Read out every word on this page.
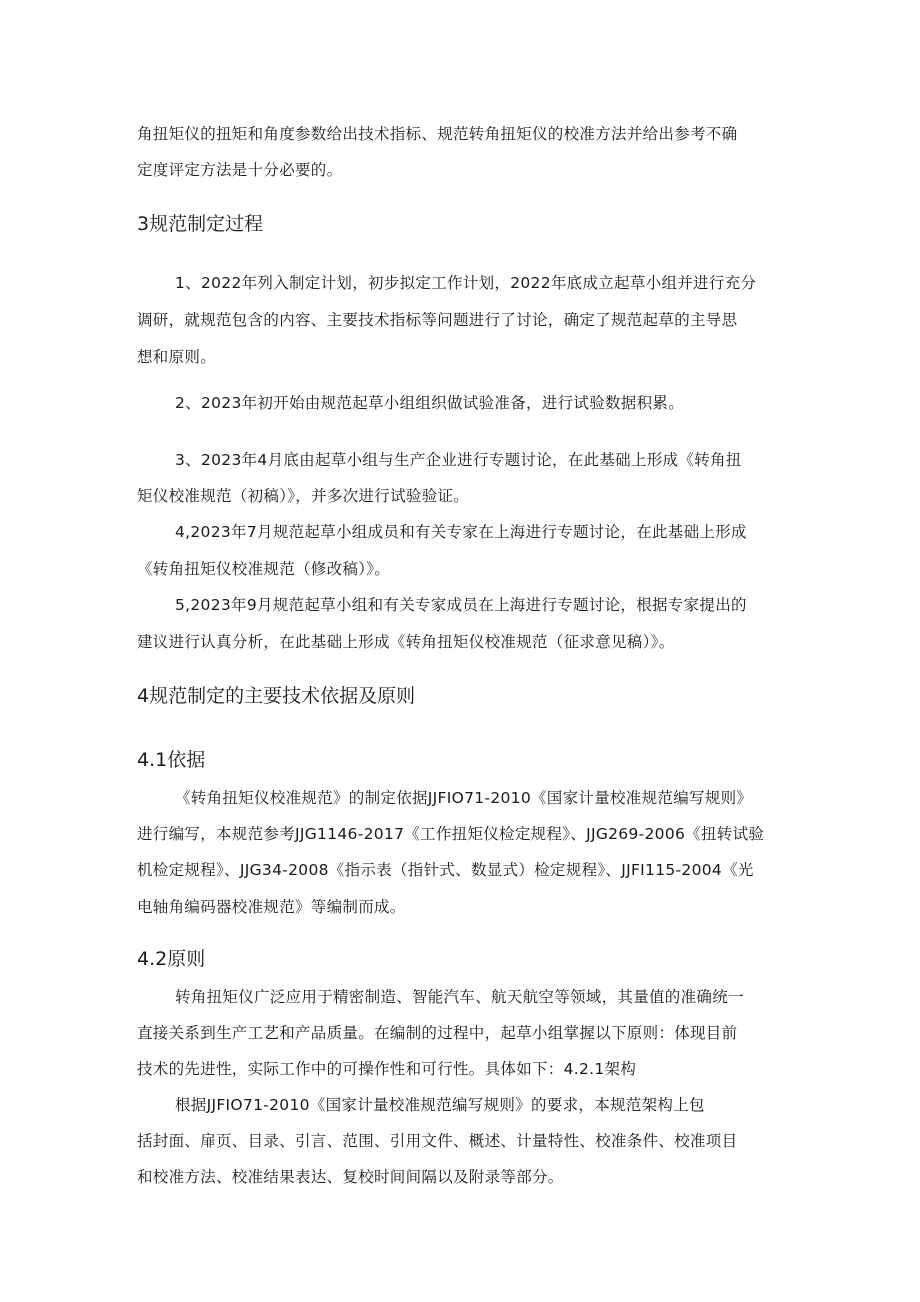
角扭矩仪的扭矩和角度参数给出技术指标、规范转角扭矩仪的校准方法并给出参考不确
定度评定方法是十分必要的。
3规范制定过程
1、2022年列入制定计划，初步拟定工作计划，2022年底成立起草小组并进行充分
调研，就规范包含的内容、主要技术指标等问题进行了讨论，确定了规范起草的主导思
想和原则。
2、2023年初开始由规范起草小组组织做试验准备，进行试验数据积累。
3、2023年4月底由起草小组与生产企业进行专题讨论，在此基础上形成《转角扭
矩仪校准规范（初稿）》，并多次进行试验验证。
4,2023年7月规范起草小组成员和有关专家在上海进行专题讨论，在此基础上形成
《转角扭矩仪校准规范（修改稿）》。
5,2023年9月规范起草小组和有关专家成员在上海进行专题讨论，根据专家提出的
建议进行认真分析，在此基础上形成《转角扭矩仪校准规范（征求意见稿）》。
4规范制定的主要技术依据及原则
4.1依据
《转角扭矩仪校准规范》的制定依据JJFIO71-2010《国家计量校准规范编写规则》
进行编写，本规范参考JJG1146-2017《工作扭矩仪检定规程》、JJG269-2006《扭转试验
机检定规程》、JJG34-2008《指示表（指针式、数显式）检定规程》、JJFI115-2004《光
电轴角编码器校准规范》等编制而成。
4.2原则
转角扭矩仪广泛应用于精密制造、智能汽车、航天航空等领域，其量值的准确统一
直接关系到生产工艺和产品质量。在编制的过程中，起草小组掌握以下原则：体现目前
技术的先进性，实际工作中的可操作性和可行性。具体如下：4.2.1架构
根据JJFIO71-2010《国家计量校准规范编写规则》的要求，本规范架构上包
括封面、扉页、目录、引言、范围、引用文件、概述、计量特性、校准条件、校准项目
和校准方法、校准结果表达、复校时间间隔以及附录等部分。
